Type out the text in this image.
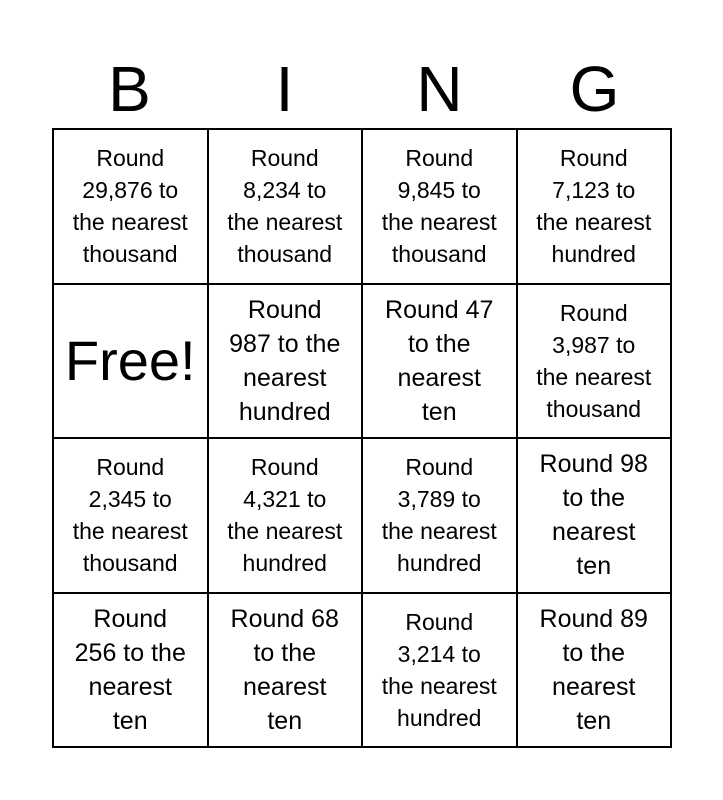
B	I	N	G
Round
29,876 to
the nearest
thousand
Round
8,234 to
the nearest
thousand
Round
9,845 to
the nearest
thousand
Round
7,123 to
the nearest
hundred
Free!
Round
987 to the
nearest
hundred
Round 47
to the
nearest
ten
Round
3,987 to
the nearest
thousand
Round
2,345 to
the nearest
thousand
Round
4,321 to
the nearest
hundred
Round
3,789 to
the nearest
hundred
Round 98
to the
nearest
ten
Round
256 to the
nearest
ten
Round 68
to the
nearest
ten
Round
3,214 to
the nearest
hundred
Round 89
to the
nearest
ten
